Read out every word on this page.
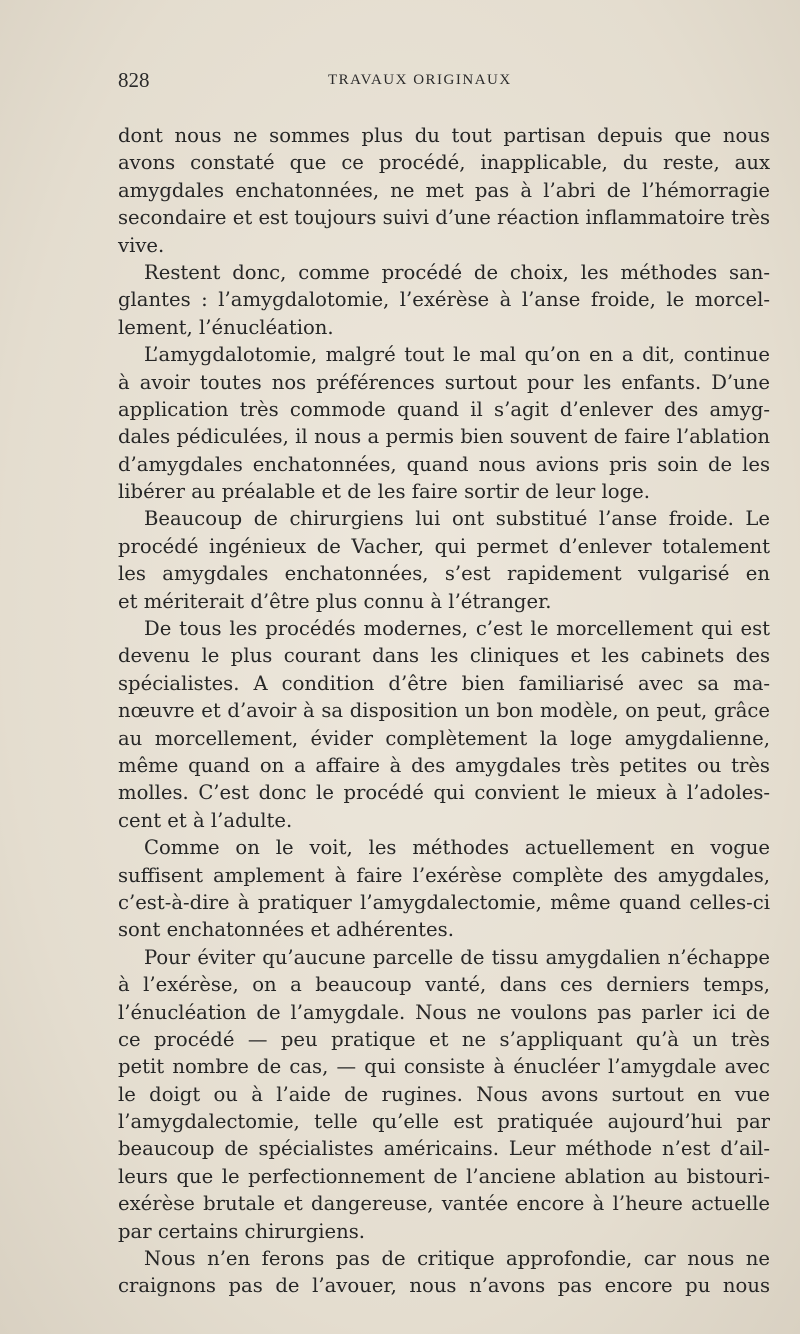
828	TRAVAUX ORIGINAUX
dont nous ne sommes plus du tout partisan depuis que nous
avons constaté que ce procédé, inapplicable, du reste, aux
amygdales enchatonnées, ne met pas à l’abri de l’hémorragie
secondaire et est toujours suivi d’une réaction inflammatoire très
vive.
Restent donc, comme procédé de choix, les méthodes san-
glantes : l’amygdalotomie, l’exérèse à l’anse froide, le morcel-
lement, l’énucléation.
L’amygdalotomie, malgré tout le mal qu’on en a dit, continue
à avoir toutes nos préférences surtout pour les enfants. D’une
application très commode quand il s’agit d’enlever des amyg-
dales pédiculées, il nous a permis bien souvent de faire l’ablation
d’amygdales enchatonnées, quand nous avions pris soin de les
libérer au préalable et de les faire sortir de leur loge.
Beaucoup de chirurgiens lui ont substitué l’anse froide. Le
procédé ingénieux de Vacher, qui permet d’enlever totalement
les amygdales enchatonnées, s’est rapidement vulgarisé en
et mériterait d’être plus connu à l’étranger.
De tous les procédés modernes, c’est le morcellement qui est
devenu le plus courant dans les cliniques et les cabinets des
spécialistes. A condition d’être bien familiarisé avec sa ma-
nœuvre et d’avoir à sa disposition un bon modèle, on peut, grâce
au morcellement, évider complètement la loge amygdalienne,
même quand on a affaire à des amygdales très petites ou très
molles. C’est donc le procédé qui convient le mieux à l’adoles-
cent et à l’adulte.
Comme on le voit, les méthodes actuellement en vogue
suffisent amplement à faire l’exérèse complète des amygdales,
c’est-à-dire à pratiquer l’amygdalectomie, même quand celles-ci
sont enchatonnées et adhérentes.
Pour éviter qu’aucune parcelle de tissu amygdalien n’échappe
à l’exérèse, on a beaucoup vanté, dans ces derniers temps,
l’énucléation de l’amygdale. Nous ne voulons pas parler ici de
ce procédé — peu pratique et ne s’appliquant qu’à un très
petit nombre de cas, — qui consiste à énucléer l’amygdale avec
le doigt ou à l’aide de rugines. Nous avons surtout en vue
l’amygdalectomie, telle qu’elle est pratiquée aujourd’hui par
beaucoup de spécialistes américains. Leur méthode n’est d’ail-
leurs que le perfectionnement de l’anciene ablation au bistouri-
exérèse brutale et dangereuse, vantée encore à l’heure actuelle
par certains chirurgiens.
Nous n’en ferons pas de critique approfondie, car nous ne
craignons pas de l’avouer, nous n’avons pas encore pu nous
